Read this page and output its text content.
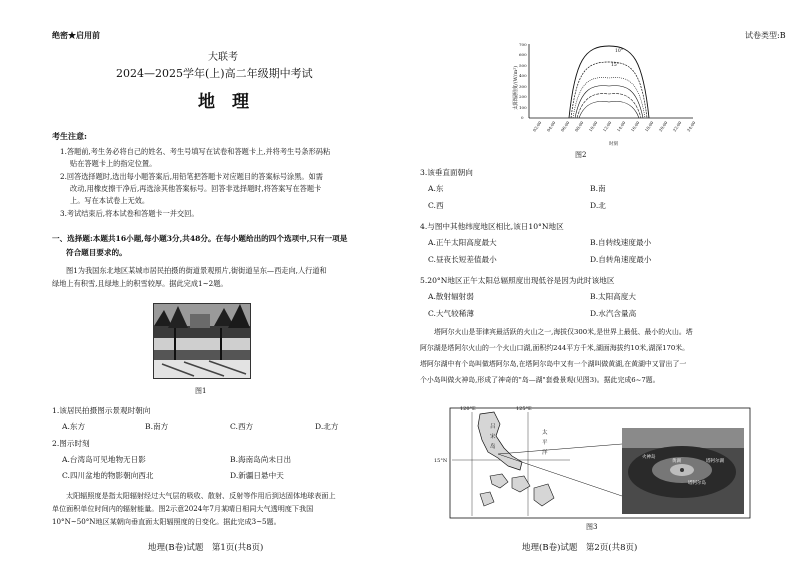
绝密★启用前
大联考
2024—2025学年(上)高二年级期中考试
地　理
考生注意:
1.答题前,考生务必将自己的姓名、考生号填写在试卷和答题卡上,并将考生号条形码粘
贴在答题卡上的指定位置。
2.回答选择题时,选出每小题答案后,用铅笔把答题卡对应题目的答案标号涂黑。如需
改动,用橡皮擦干净后,再选涂其他答案标号。回答非选择题时,将答案写在答题卡
上。写在本试卷上无效。
3.考试结束后,将本试卷和答题卡一并交回。
一、选择题:本题共16小题,每小题3分,共48分。在每小题给出的四个选项中,只有一项是
符合题目要求的。
图1为我国东北地区某城市居民拍摄的街道景观照片,街街道呈东—西走向,人行道和
绿地上有积雪,且绿地上的积雪较厚。据此完成1~2题。
图1
1.该居民拍摄图示景观时朝向
A.东方	B.南方	C.西方	D.北方
2.图示时刻
A.台湾岛可见地物无日影	B.海南岛尚未日出
C.四川盆地的物影朝向西北	D.新疆日悬中天
太阳辐照度是指太阳辐射经过大气层的吸收、散射、反射等作用后到达固体地球表面上
单位面积单位时间内的辐射能量。图2示意2024年7月某晴日相同大气透明度下我国
10°N~50°N地区某朝向垂直面太阳辐照度的日变化。据此完成3~5题。
地理(B卷)试题　第1页(共8页)
试卷类型:B
太阳辐照度/(W/m²)
0
100
200
300
400
500
600
700
02:00 04:00 06:00 08:00 10:00 12:00 14:00 16:00 18:00 20:00 22:00 24:00
时刻
10°
15°
图2
3.该垂直面朝向
A.东	B.南
C.西	D.北
4.与图中其他纬度地区相比,该日10°N地区
A.正午太阳高度最大	B.自转线速度最小
C.昼夜长短差值最小	D.自转角速度最小
5.20°N地区正午太阳总辐照度出现低谷是因为此时该地区
A.散射辐射弱	B.太阳高度大
C.大气较稀薄	D.水汽含量高
塔阿尔火山是菲律宾最活跃的火山之一,海拔仅300米,是世界上最低、最小的火山。塔
阿尔湖是塔阿尔火山的一个火山口湖,面积约244平方千米,湖面海拔约10米,湖深170米。
塔阿尔湖中有个岛叫做塔阿尔岛,在塔阿尔岛中又有一个湖叫做黄湖,在黄湖中又冒出了一
个小岛叫做火神岛,形成了神奇的"岛—湖"套叠景观(见图3)。据此完成6~7题。
120°E	125°E
15°N
吕
宋
岛
太
平
洋
火神岛
黄湖	塔阿尔湖
塔阿尔岛
图3
地理(B卷)试题　第2页(共8页)
